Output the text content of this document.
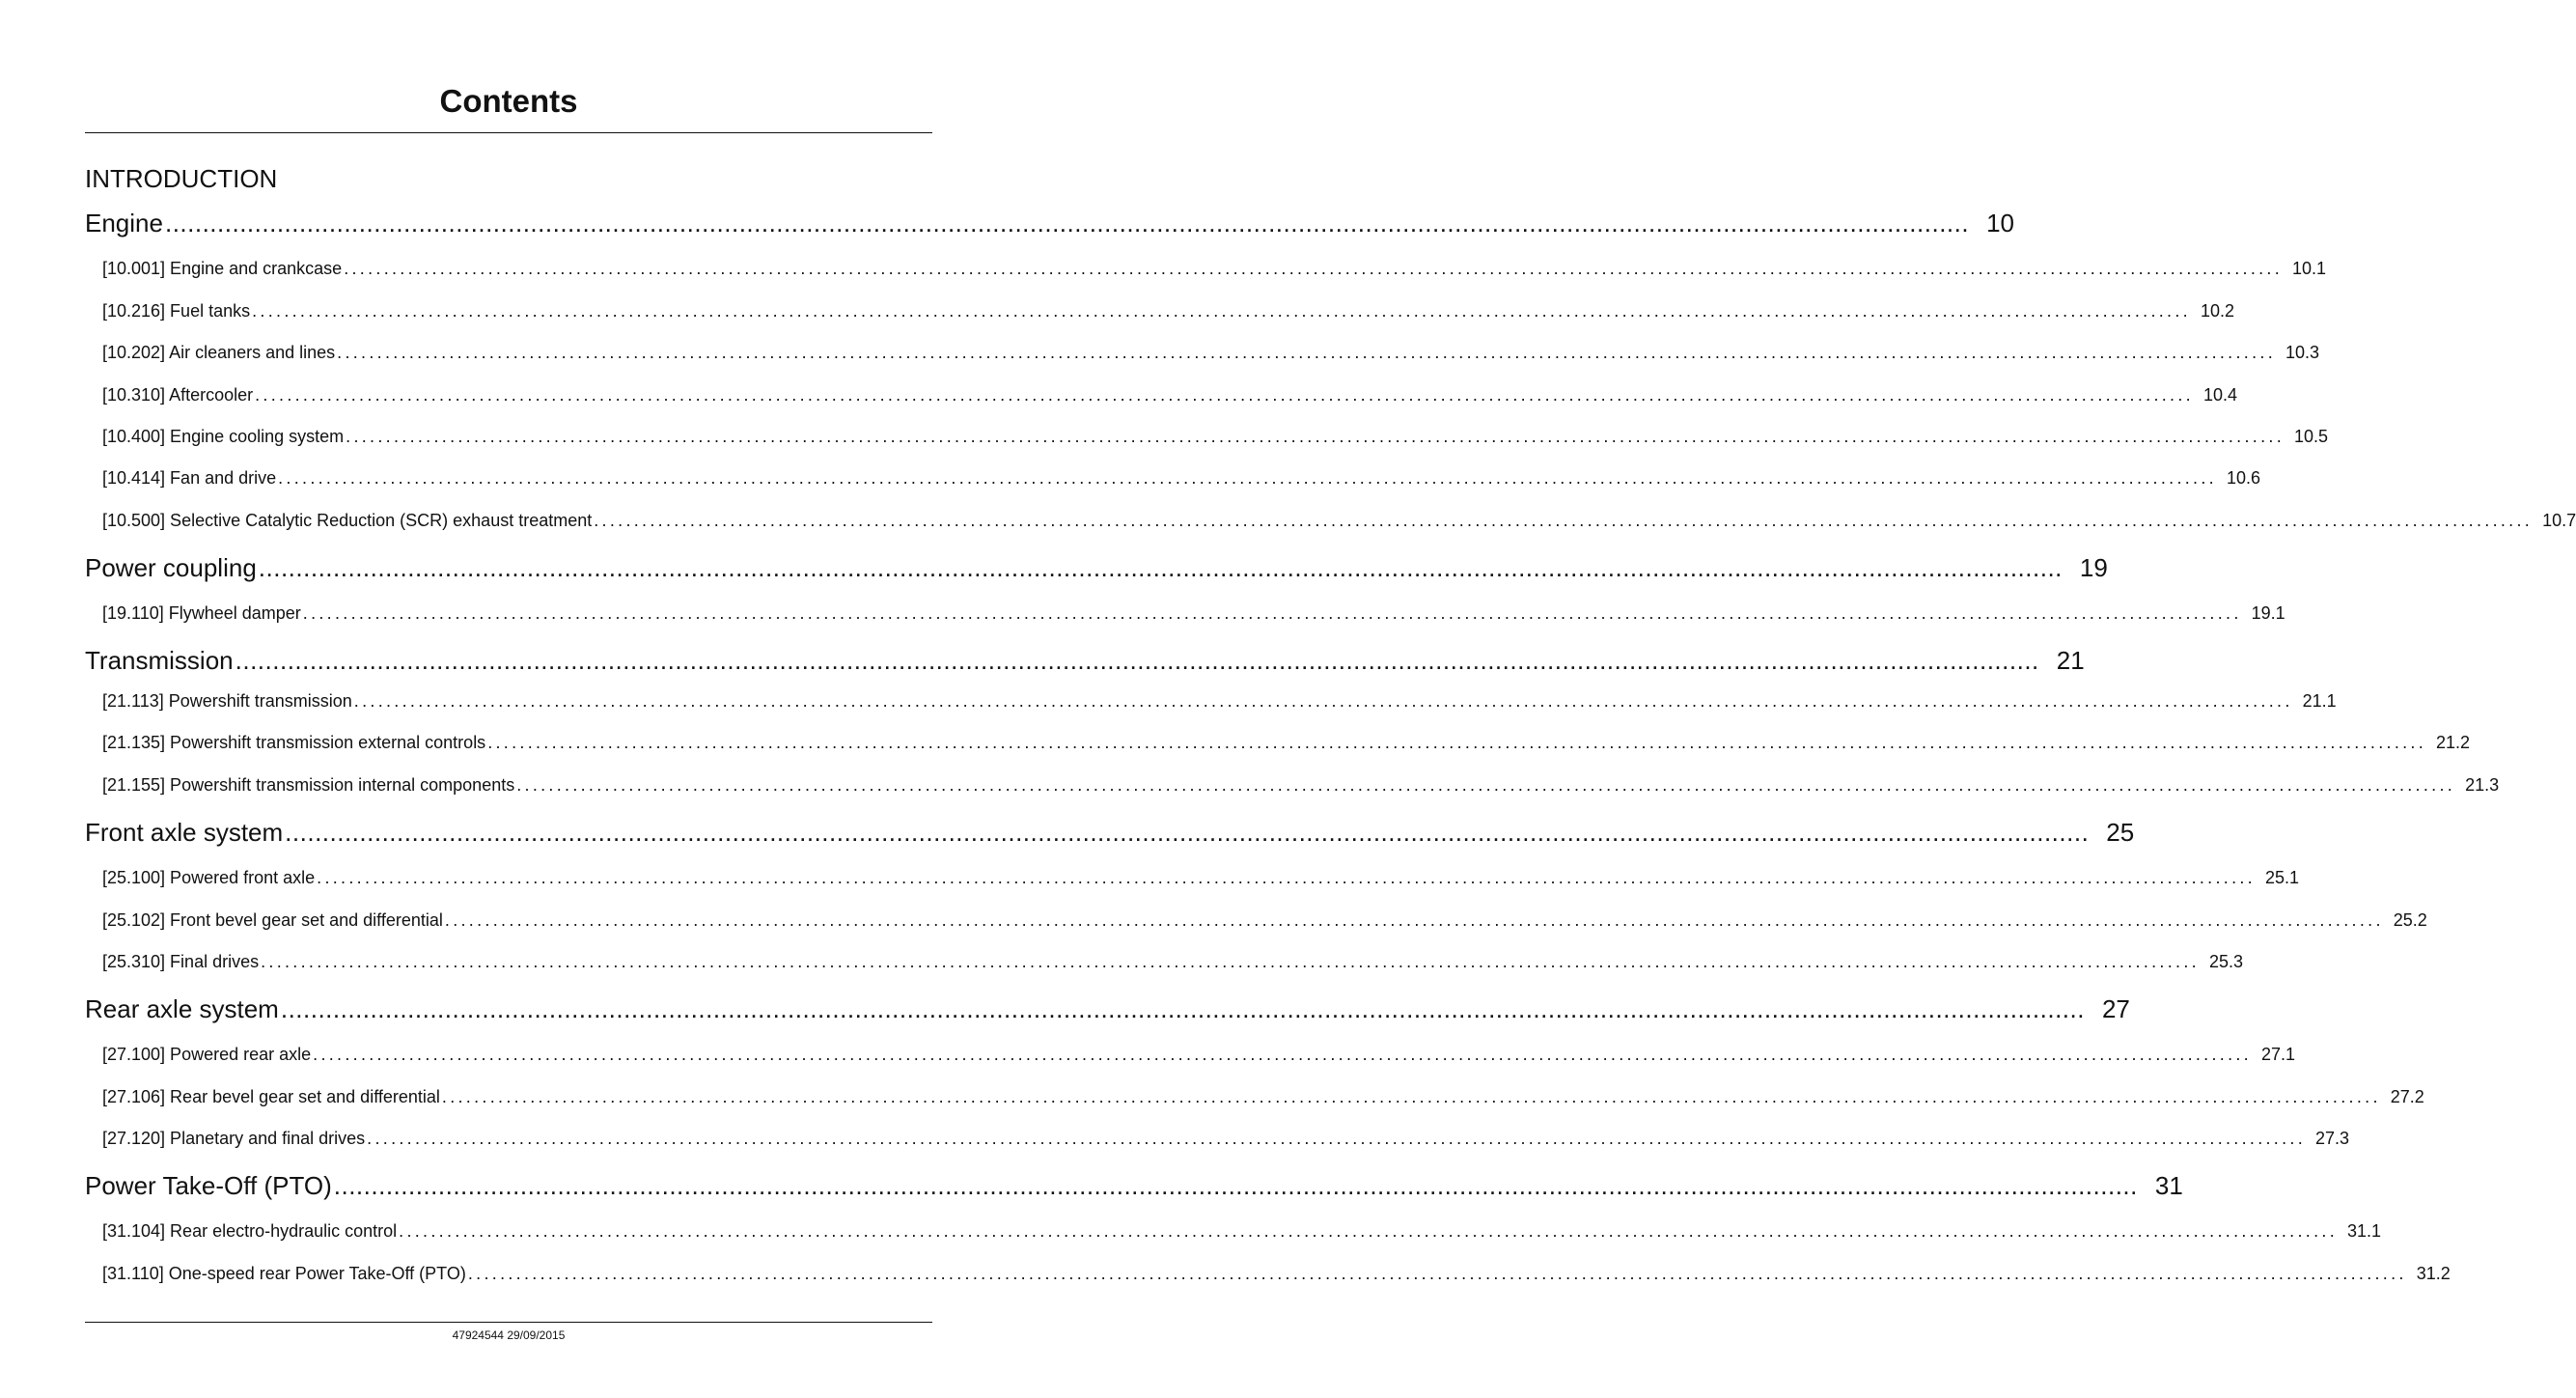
Contents
INTRODUCTION
Engine .................................................................................................................................................................................................................................................. 10
[10.001] Engine and crankcase .................................................................................................................................................................................................................................................. 10.1
[10.216] Fuel tanks .................................................................................................................................................................................................................................................. 10.2
[10.202] Air cleaners and lines .................................................................................................................................................................................................................................................. 10.3
[10.310] Aftercooler .................................................................................................................................................................................................................................................. 10.4
[10.400] Engine cooling system .................................................................................................................................................................................................................................................. 10.5
[10.414] Fan and drive .................................................................................................................................................................................................................................................. 10.6
[10.500] Selective Catalytic Reduction (SCR) exhaust treatment .................................................................................................................................................................................................................................................. 10.7
Power coupling .................................................................................................................................................................................................................................................. 19
[19.110] Flywheel damper .................................................................................................................................................................................................................................................. 19.1
Transmission .................................................................................................................................................................................................................................................. 21
[21.113] Powershift transmission .................................................................................................................................................................................................................................................. 21.1
[21.135] Powershift transmission external controls .................................................................................................................................................................................................................................................. 21.2
[21.155] Powershift transmission internal components .................................................................................................................................................................................................................................................. 21.3
Front axle system .................................................................................................................................................................................................................................................. 25
[25.100] Powered front axle .................................................................................................................................................................................................................................................. 25.1
[25.102] Front bevel gear set and differential .................................................................................................................................................................................................................................................. 25.2
[25.310] Final drives .................................................................................................................................................................................................................................................. 25.3
Rear axle system .................................................................................................................................................................................................................................................. 27
[27.100] Powered rear axle .................................................................................................................................................................................................................................................. 27.1
[27.106] Rear bevel gear set and differential .................................................................................................................................................................................................................................................. 27.2
[27.120] Planetary and final drives .................................................................................................................................................................................................................................................. 27.3
Power Take-Off (PTO) .................................................................................................................................................................................................................................................. 31
[31.104] Rear electro-hydraulic control .................................................................................................................................................................................................................................................. 31.1
[31.110] One-speed rear Power Take-Off (PTO) .................................................................................................................................................................................................................................................. 31.2
47924544 29/09/2015
